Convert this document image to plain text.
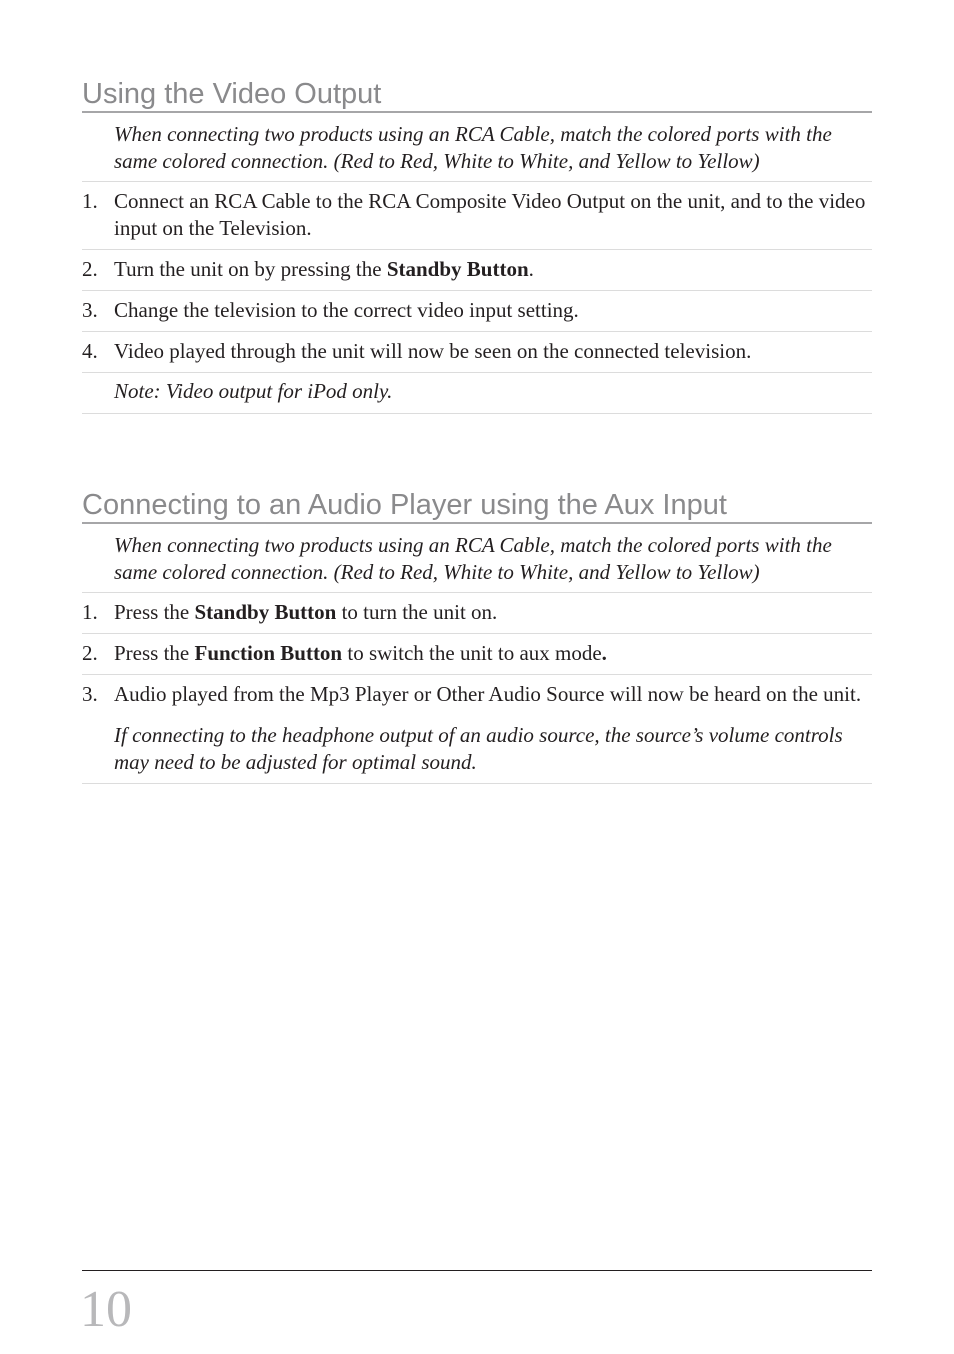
Using the Video Output
When connecting two products using an RCA Cable, match the colored ports with the same colored connection. (Red to Red, White to White, and Yellow to Yellow)
1. Connect an RCA Cable to the RCA Composite Video Output on the unit, and to the video input on the Television.
2. Turn the unit on by pressing the Standby Button.
3. Change the television to the correct video input setting.
4. Video played through the unit will now be seen on the connected television.
Note: Video output for iPod only.
Connecting to an Audio Player using the Aux Input
When connecting two products using an RCA Cable, match the colored ports with the same colored connection. (Red to Red, White to White, and Yellow to Yellow)
1. Press the Standby Button to turn the unit on.
2. Press the Function Button to switch the unit to aux mode.
3. Audio played from the Mp3 Player or Other Audio Source will now be heard on the unit.
If connecting to the headphone output of an audio source, the source’s volume controls may need to be adjusted for optimal sound.
10
